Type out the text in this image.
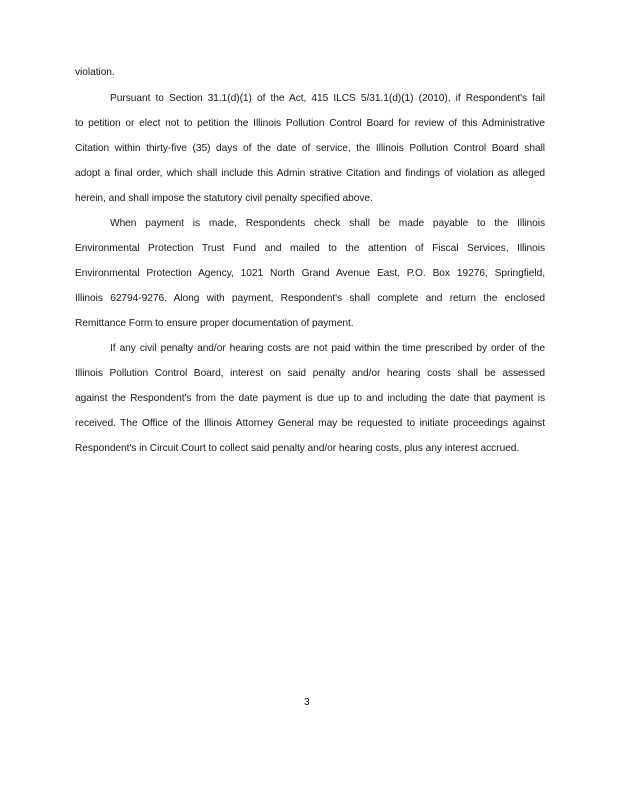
violation.
Pursuant to Section 31.1(d)(1) of the Act, 415 ILCS 5/31.1(d)(1) (2010), if Respondent's fail
to petition or elect not to petition the Illinois Pollution Control Board for review of this Administrative
Citation within thirty-five (35) days of the date of service, the Illinois Pollution Control Board shall
adopt a final order, which shall include this Admin strative Citation and findings of violation as alleged
herein, and shall impose the statutory civil penalty specified above.
When payment is made, Respondents check shall be made payable to the Illinois
Environmental Protection Trust Fund and mailed to the attention of Fiscal Services, Illinois
Environmental Protection Agency, 1021 North Grand Avenue East, P.O. Box 19276, Springfield,
Illinois 62794-9276. Along with payment, Respondent's shall complete and return the enclosed
Remittance Form to ensure proper documentation of payment.
If any civil penalty and/or hearing costs are not paid within the time prescribed by order of the
Illinois Pollution Control Board, interest on said penalty and/or hearing costs shall be assessed
against the Respondent's from the date payment is due up to and including the date that payment is
received. The Office of the Illinois Attorney General may be requested to initiate proceedings against
Respondent's in Circuit Court to collect said penalty and/or hearing costs, plus any interest accrued.
3
